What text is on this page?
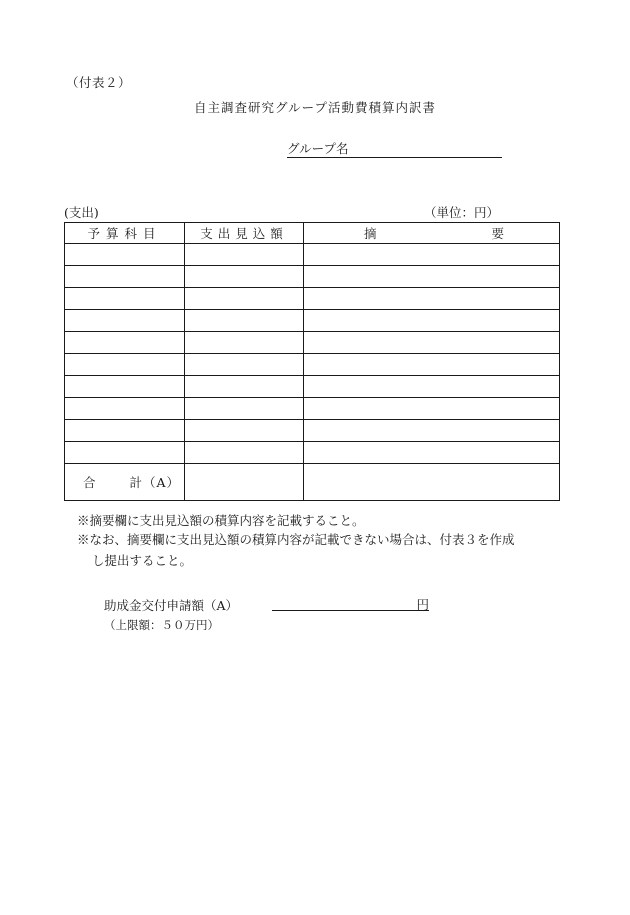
（付表２）
自主調査研究グループ活動費積算内訳書
グループ名
(支出)	（単位：円）
予算科目	支出見込額	摘 要

合 計（A）		
※摘要欄に支出見込額の積算内容を記載すること。
※なお、摘要欄に支出見込額の積算内容が記載できない場合は、付表３を作成
し提出すること。
助成金交付申請額（A）	円
（上限額：５０万円）
